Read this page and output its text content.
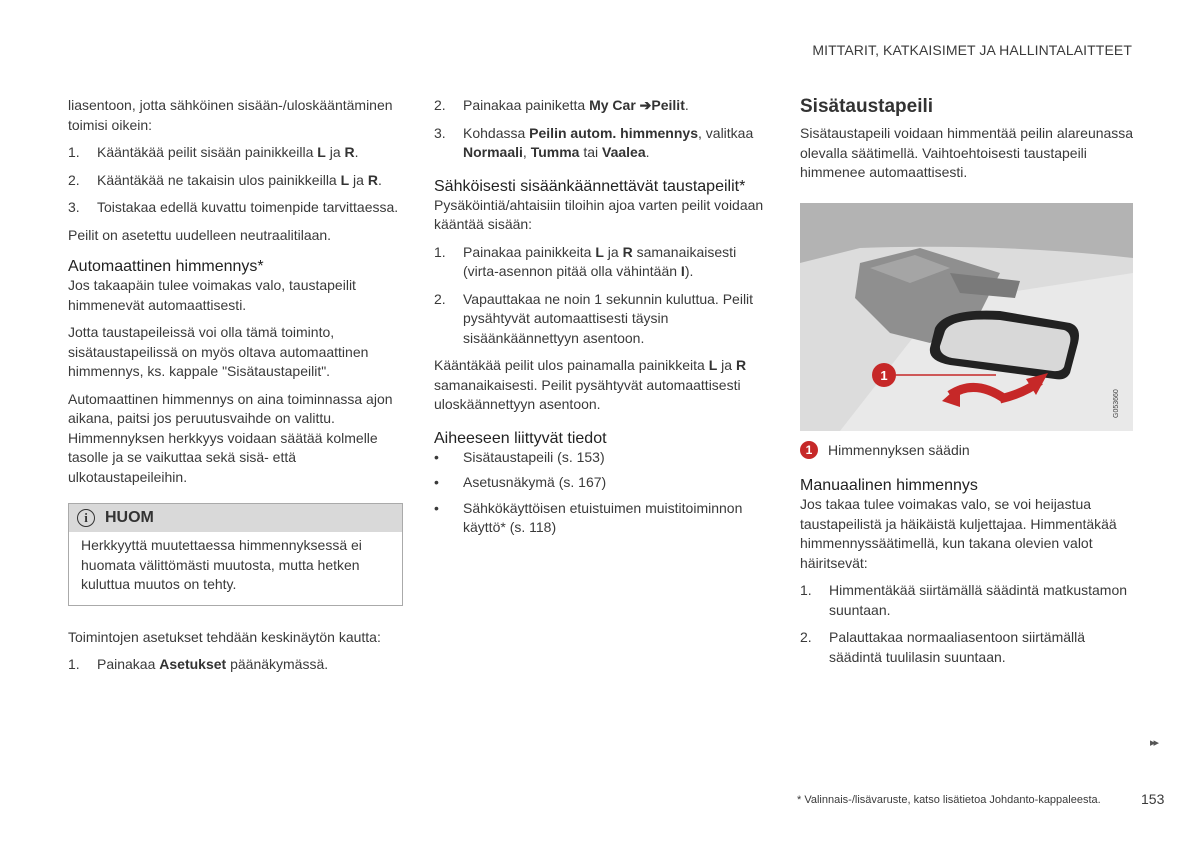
MITTARIT, KATKAISIMET JA HALLINTALAITTEET

liasentoon, jotta sähköinen sisään-/uloskääntäminen toimisi oikein:

1. Kääntäkää peilit sisään painikkeilla L ja R.
2. Kääntäkää ne takaisin ulos painikkeilla L ja R.
3. Toistakaa edellä kuvattu toimenpide tarvittaessa.

Peilit on asetettu uudelleen neutraalitilaan.

Automaattinen himmennys*

Jos takaapäin tulee voimakas valo, taustapeilit himmenevät automaattisesti.

Jotta taustapeileissä voi olla tämä toiminto, sisätaustapeilissä on myös oltava automaattinen himmennys, ks. kappale "Sisätaustapeilit".

Automaattinen himmennys on aina toiminnassa ajon aikana, paitsi jos peruutusvaihde on valittu. Himmennyksen herkkyys voidaan säätää kolmelle tasolle ja se vaikuttaa sekä sisä- että ulkotaustapeileihin.

i	HUOM
Herkkyyttä muutettaessa himmennyksessä ei huomata välittömästi muutosta, mutta hetken kuluttua muutos on tehty.

Toimintojen asetukset tehdään keskinäytön kautta:

1. Painakaa Asetukset päänäkymässä.
2. Painakaa painiketta My Car ➔Peilit.
3. Kohdassa Peilin autom. himmennys, valitkaa Normaali, Tumma tai Vaalea.
Sähköisesti sisäänkäännettävät taustapeilit*

Pysäköintiä/ahtaisiin tiloihin ajoa varten peilit voidaan kääntää sisään:

1. Painakaa painikkeita L ja R samanaikaisesti (virta-asennon pitää olla vähintään I).
2. Vapauttakaa ne noin 1 sekunnin kuluttua. Peilit pysähtyvät automaattisesti täysin sisäänkäännettyyn asentoon.

Kääntäkää peilit ulos painamalla painikkeita L ja R samanaikaisesti. Peilit pysähtyvät automaattisesti uloskäännettyyn asentoon.

Aiheeseen liittyvät tiedot
• Sisätaustapeili (s. 153)
• Asetusnäkymä (s. 167)
• Sähkökäyttöisen etuistuimen muistitoiminnon käyttö* (s. 118)
Sisätaustapeili

Sisätaustapeili voidaan himmentää peilin alareunassa olevalla säätimellä. Vaihtoehtoisesti taustapeili himmenee automaattisesti.

1
G053660
1	Himmennyksen säädin
Manuaalinen himmennys

Jos takaa tulee voimakas valo, se voi heijastua taustapeilistä ja häikäistä kuljettajaa. Himmentäkää himmennyssäätimellä, kun takana olevien valot häiritsevät:

1. Himmentäkää siirtämällä säädintä matkustamon suuntaan.
2. Palauttakaa normaaliasentoon siirtämällä säädintä tuulilasin suuntaan.
▸▸
* Valinnais-/lisävaruste, katso lisätietoa Johdanto-kappaleesta.	153
